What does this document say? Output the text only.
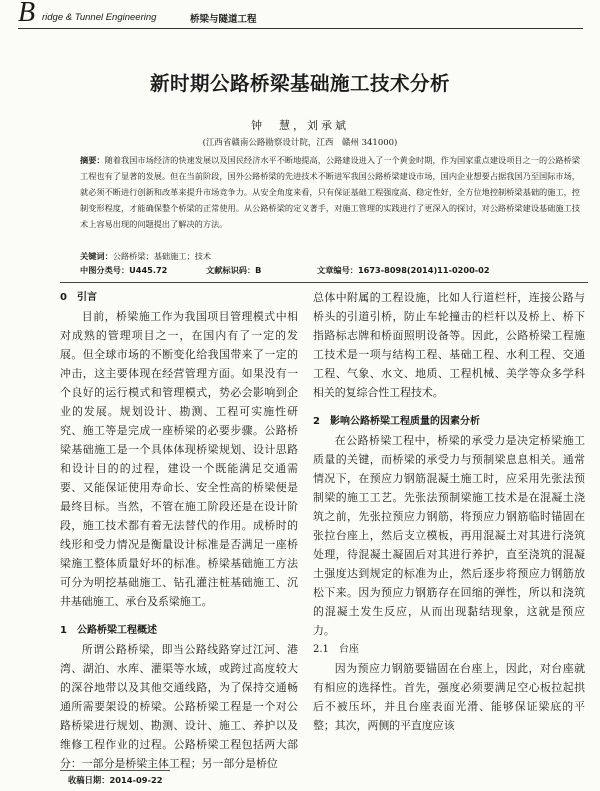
B ridge & Tunnel Engineering	桥梁与隧道工程
新时期公路桥梁基础施工技术分析
钟　慧，刘承斌
(江西省赣南公路勘察设计院，江西　赣州 341000)
摘要：随着我国市场经济的快速发展以及国民经济水平不断地提高，公路建设进入了一个黄金时期，作为国家重点建设项目之一的公路桥梁工程也有了显著的发展。但在当前阶段，国外公路桥梁的先进技术不断进军我国公路桥梁建设市场，国内企业想要占据我国乃至国际市场，就必须不断进行创新和改革来提升市场竞争力。从安全角度来看，只有保证基础工程强度高、稳定性好，全方位地控制桥梁基础的施工，控制变形程度，才能确保整个桥梁的正常使用。从公路桥梁的定义著手，对施工管理的实践进行了更深入的探讨，对公路桥梁建设基础施工技术上容易出现的问题提出了解决的方法。
关键词：公路桥梁；基础施工；技术
中图分类号：U445.72	文献标识码：B	文章编号：1673-8098(2014)11-0200-02
0　引言

目前，桥梁施工作为我国项目管理模式中相对成熟的管理项目之一，在国内有了一定的发展。但全球市场的不断变化给我国带来了一定的冲击，这主要体现在经营管理方面。如果没有一个良好的运行模式和管理模式，势必会影响到企业的发展。规划设计、勘测、工程可实施性研究、施工等是完成一座桥梁的必要步骤。公路桥梁基础施工是一个具体体现桥梁规划、设计思路和设计目的的过程，建设一个既能满足交通需要、又能保证使用寿命长、安全性高的桥梁便是最终目标。当然，不管在施工阶段还是在设计阶段，施工技术都有着无法替代的作用。成桥时的线形和受力情况是衡量设计标准是否满足一座桥梁施工整体质量好坏的标准。桥梁基础施工方法可分为明挖基础施工、钻孔灌注桩基础施工、沉井基础施工、承台及系梁施工。

1　公路桥梁工程概述

所谓公路桥梁，即当公路线路穿过江河、港湾、湖泊、水库、灌渠等水域，或跨过高度较大的深谷地带以及其他交通线路，为了保持交通畅通所需要架设的桥梁。公路桥梁工程是一个对公路桥梁进行规划、勘测、设计、施工、养护以及维修工程作业的过程。公路桥梁工程包括两大部分：一部分是桥梁主体工程；另一部分是桥位

总体中附属的工程设施，比如人行道栏杆，连接公路与桥头的引道引桥，防止车轮撞击的栏杆以及桥上、桥下指路标志牌和桥面照明设备等。因此，公路桥梁工程施工技术是一项与结构工程、基础工程、水利工程、交通工程、气象、水文、地质、工程机械、美学等众多学科相关的复综合性工程技术。

2　影响公路桥梁工程质量的因素分析

在公路桥梁工程中，桥梁的承受力是决定桥梁施工质量的关键，而桥梁的承受力与预制梁息息相关。通常情况下，在预应力钢筋混凝土施工时，应采用先张法预制梁的施工工艺。先张法预制梁施工技术是在混凝土浇筑之前，先张拉预应力钢筋，将预应力钢筋临时锚固在张拉台座上，然后支立模板，再用混凝土对其进行浇筑处理，待混凝土凝固后对其进行养护，直至浇筑的混凝土强度达到规定的标准为止，然后逐步将预应力钢筋放松下来。因为预应力钢筋存在回缩的弹性，所以和浇筑的混凝土发生反应，从而出现黏结现象，这就是预应力。

2.1　台座

因为预应力钢筋要锚固在台座上，因此，对台座就有相应的选择性。首先，强度必须要满足空心板拉起拱后不被压坏，并且台座表面光滑、能够保证梁底的平整；其次，两侧的平直度应该

收稿日期：2014-09-22
